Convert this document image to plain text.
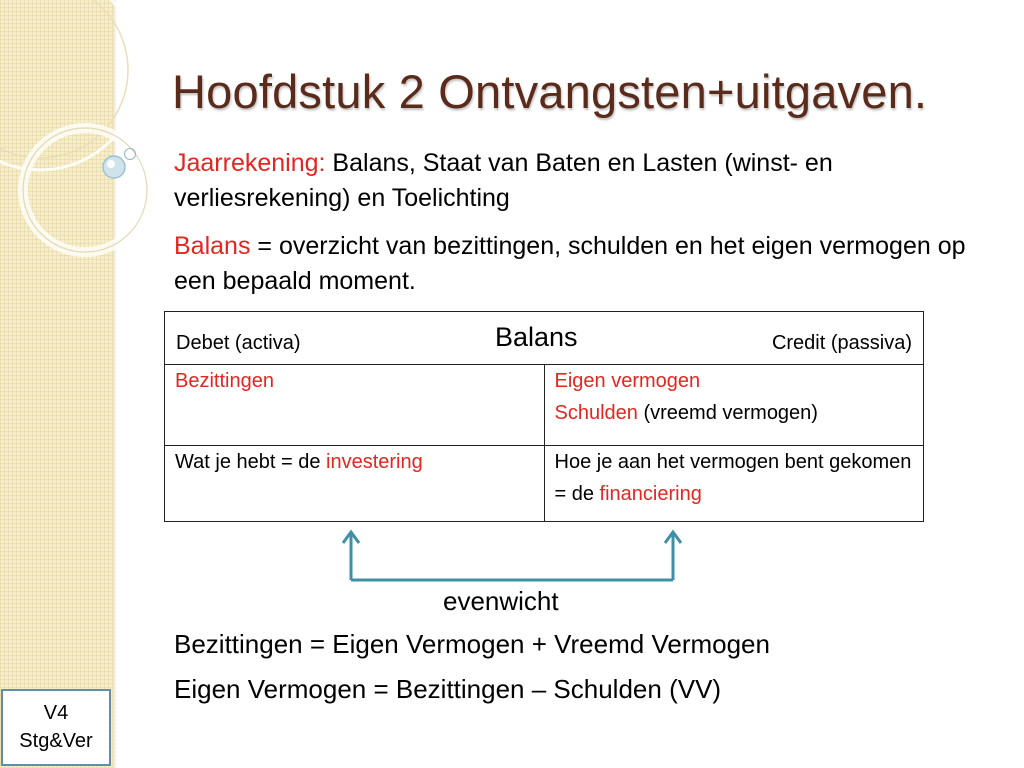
Hoofdstuk 2 Ontvangsten+uitgaven.
Jaarrekening: Balans, Staat van Baten en Lasten (winst- en verliesrekening) en Toelichting
Balans = overzicht van bezittingen, schulden en het eigen vermogen op een bepaald moment.
Debet (activa) Balans Credit (passiva)	

Bezittingen	Eigen vermogen
Schulden (vreemd vermogen)

Wat je hebt = de investering	Hoe je aan het vermogen bent gekomen = de financiering
evenwicht
Bezittingen = Eigen Vermogen + Vreemd Vermogen
Eigen Vermogen = Bezittingen – Schulden (VV)
V4
Stg&Ver
